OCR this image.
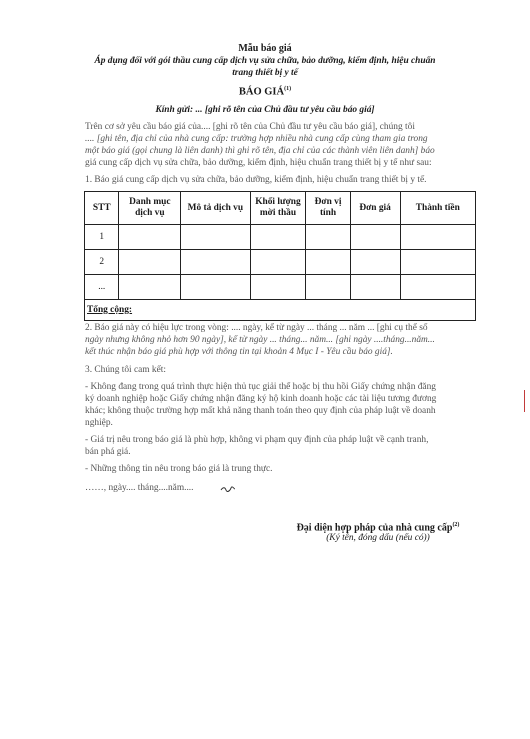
Mẫu báo giá
Áp dụng đối với gói thầu cung cấp dịch vụ sửa chữa, bảo dưỡng, kiểm định, hiệu chuẩn
trang thiết bị y tế
BÁO GIÁ$^{(1)}$
Kính gửi: ... [ghi rõ tên của Chủ đầu tư yêu cầu báo giá]
Trên cơ sở yêu cầu báo giá của.... [ghi rõ tên của Chủ đầu tư yêu cầu báo giá], chúng tôi
.... [ghi tên, địa chỉ của nhà cung cấp: trường hợp nhiều nhà cung cấp cùng tham gia trong
một báo giá (gọi chung là liên danh) thì ghi rõ tên, địa chỉ của các thành viên liên danh] báo
giá cung cấp dịch vụ sửa chữa, bảo dưỡng, kiểm định, hiệu chuẩn trang thiết bị y tế như sau:
1. Báo giá cung cấp dịch vụ sửa chữa, bảo dưỡng, kiểm định, hiệu chuẩn trang thiết bị y tế.
STT	Danh mục dịch vụ	Mô tả dịch vụ	Khối lượng mời thầu	Đơn vị tính	Đơn giá	Thành tiền
1						
2						
...						
Tổng cộng:						
2. Báo giá này có hiệu lực trong vòng: .... ngày, kể từ ngày ... tháng ... năm ... [ghi cụ thể số
ngày nhưng không nhỏ hơn 90 ngày], kể từ ngày ... tháng... năm... [ghi ngày ....tháng...năm...
kết thúc nhận báo giá phù hợp với thông tin tại khoản 4 Mục I - Yêu cầu báo giá].
3. Chúng tôi cam kết:
- Không đang trong quá trình thực hiện thủ tục giải thể hoặc bị thu hồi Giấy chứng nhận đăng
ký doanh nghiệp hoặc Giấy chứng nhận đăng ký hộ kinh doanh hoặc các tài liệu tương đương
khác; không thuộc trường hợp mất khả năng thanh toán theo quy định của pháp luật về doanh
nghiệp.
- Giá trị nêu trong báo giá là phù hợp, không vi phạm quy định của pháp luật về cạnh tranh,
bán phá giá.
- Những thông tin nêu trong báo giá là trung thực.
……, ngày.... tháng....năm....
Đại diện hợp pháp của nhà cung cấp$^{(2)}$
(Ký tên, đóng dấu (nếu có))
